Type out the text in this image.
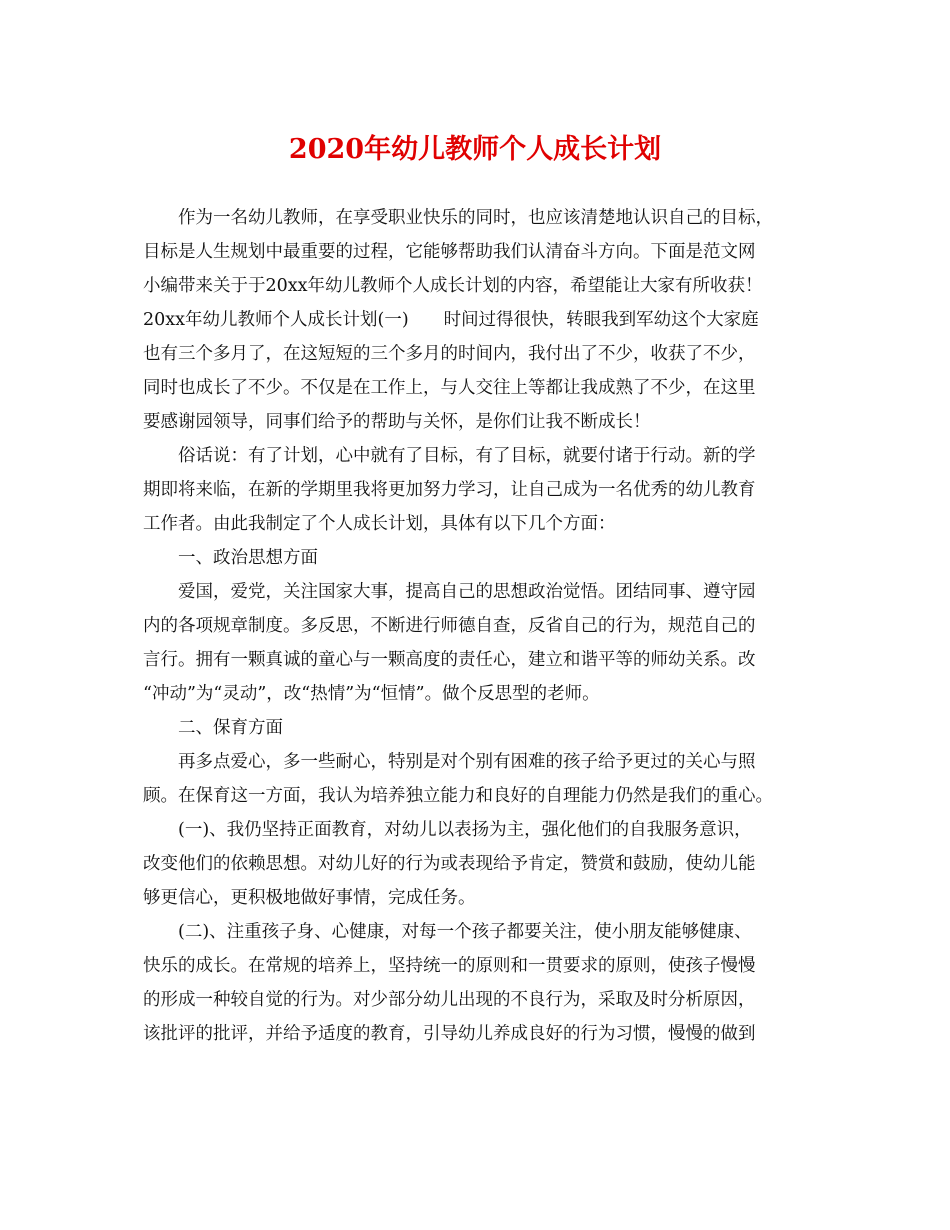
2020年幼儿教师个人成长计划

作为一名幼儿教师，在享受职业快乐的同时，也应该清楚地认识自己的目标，
目标是人生规划中最重要的过程，它能够帮助我们认清奋斗方向。下面是范文网
小编带来关于于20xx年幼儿教师个人成长计划的内容，希望能让大家有所收获！
20xx年幼儿教师个人成长计划(一)　　时间过得很快，转眼我到军幼这个大家庭
也有三个多月了，在这短短的三个多月的时间内，我付出了不少，收获了不少，
同时也成长了不少。不仅是在工作上，与人交往上等都让我成熟了不少，在这里
要感谢园领导，同事们给予的帮助与关怀，是你们让我不断成长！

俗话说：有了计划，心中就有了目标，有了目标，就要付诸于行动。新的学
期即将来临，在新的学期里我将更加努力学习，让自己成为一名优秀的幼儿教育
工作者。由此我制定了个人成长计划，具体有以下几个方面：

一、政治思想方面

爱国，爱党，关注国家大事，提高自己的思想政治觉悟。团结同事、遵守园
内的各项规章制度。多反思，不断进行师德自查，反省自己的行为，规范自己的
言行。拥有一颗真诚的童心与一颗高度的责任心，建立和谐平等的师幼关系。改
“冲动”为“灵动”，改“热情”为“恒情”。做个反思型的老师。

二、保育方面

再多点爱心，多一些耐心，特别是对个别有困难的孩子给予更过的关心与照
顾。在保育这一方面，我认为培养独立能力和良好的自理能力仍然是我们的重心。

(一)、我仍坚持正面教育，对幼儿以表扬为主，强化他们的自我服务意识，
改变他们的依赖思想。对幼儿好的行为或表现给予肯定，赞赏和鼓励，使幼儿能
够更信心，更积极地做好事情，完成任务。

(二)、注重孩子身、心健康，对每一个孩子都要关注，使小朋友能够健康、
快乐的成长。在常规的培养上，坚持统一的原则和一贯要求的原则，使孩子慢慢
的形成一种较自觉的行为。对少部分幼儿出现的不良行为，采取及时分析原因，
该批评的批评，并给予适度的教育，引导幼儿养成良好的行为习惯，慢慢的做到
